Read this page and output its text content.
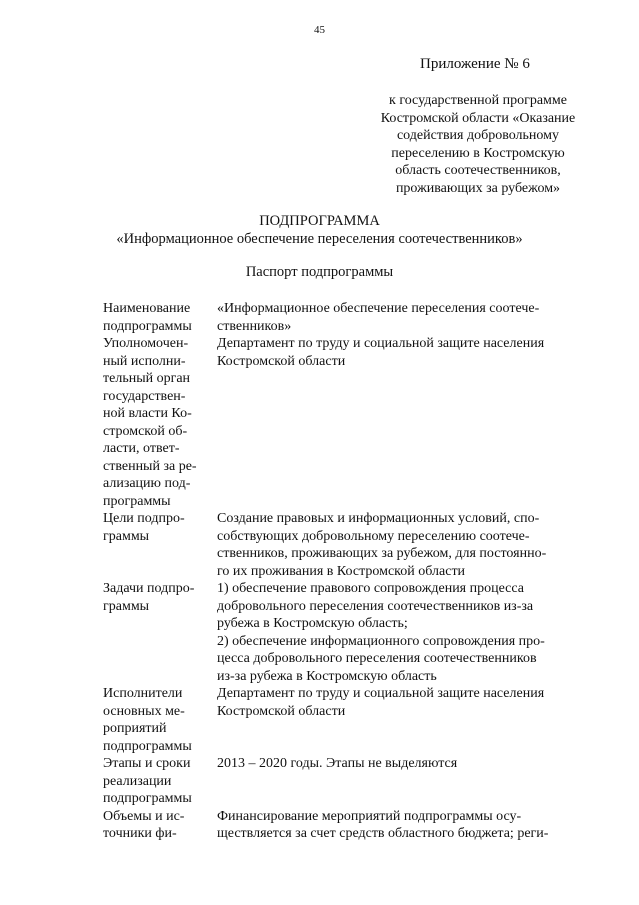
45
Приложение № 6
к государственной программе
Костромской области «Оказание
содействия добровольному
переселению в Костромскую
область соотечественников,
проживающих за рубежом»
ПОДПРОГРАММА
«Информационное обеспечение переселения соотечественников»
Паспорт подпрограммы
Наименование
подпрограммы
«Информационное обеспечение переселения соотече-
ственников»
Уполномочен-
ный исполни-
тельный орган
государствен-
ной власти Ко-
стромской об-
ласти, ответ-
ственный за ре-
ализацию под-
программы
Департамент по труду и социальной защите населения
Костромской области
Цели подпро-
граммы
Создание правовых и информационных условий, спо-
собствующих добровольному переселению соотече-
ственников, проживающих за рубежом, для постоянно-
го их проживания в Костромской области
Задачи подпро-
граммы
1) обеспечение правового сопровождения процесса
добровольного переселения соотечественников из-за
рубежа в Костромскую область;
2) обеспечение информационного сопровождения про-
цесса добровольного переселения соотечественников
из-за рубежа в Костромскую область
Исполнители
основных ме-
роприятий
подпрограммы
Департамент по труду и социальной защите населения
Костромской области
Этапы и сроки
реализации
подпрограммы
2013 – 2020 годы. Этапы не выделяются
Объемы и ис-
точники фи-
Финансирование мероприятий подпрограммы осу-
ществляется за счет средств областного бюджета; реги-
